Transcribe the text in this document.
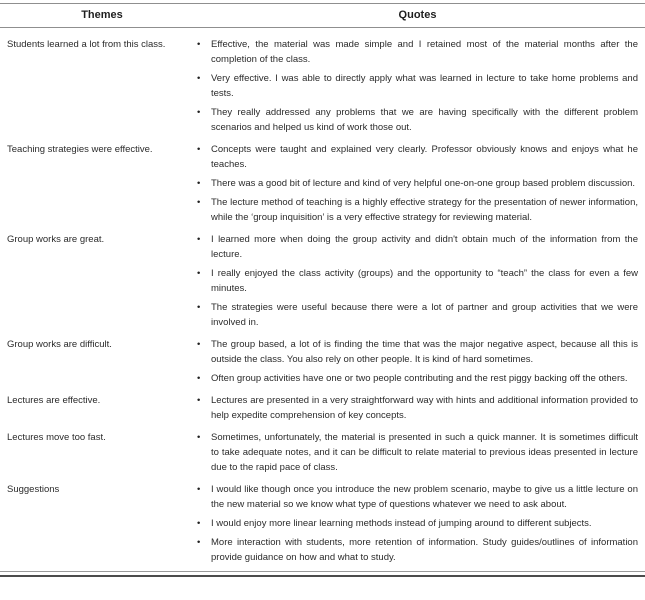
Themes	Quotes
Students learned a lot from this class.	•	Effective, the material was made simple and I retained most of the material months after the completion of the class.

•	Very effective. I was able to directly apply what was learned in lecture to take home problems and tests.

•	They really addressed any problems that we are having specifically with the different problem scenarios and helped us kind of work those out.

Teaching strategies were effective.	•	Concepts were taught and explained very clearly. Professor obviously knows and enjoys what he teaches.

•	There was a good bit of lecture and kind of very helpful one-on-one group based problem discussion.

•	The lecture method of teaching is a highly effective strategy for the presentation of newer information, while the ‘group inquisition’ is a very effective strategy for reviewing material.

Group works are great.	•	I learned more when doing the group activity and didn't obtain much of the information from the lecture.

•	I really enjoyed the class activity (groups) and the opportunity to “teach” the class for even a few minutes.

•	The strategies were useful because there were a lot of partner and group activities that we were involved in.

Group works are difficult.	•	The group based, a lot of is finding the time that was the major negative aspect, because all this is outside the class. You also rely on other people. It is kind of hard sometimes.

•	Often group activities have one or two people contributing and the rest piggy backing off the others.

Lectures are effective.	•	Lectures are presented in a very straightforward way with hints and additional information provided to help expedite comprehension of key concepts.

Lectures move too fast.	•	Sometimes, unfortunately, the material is presented in such a quick manner. It is sometimes difficult to take adequate notes, and it can be difficult to relate material to previous ideas presented in lecture due to the rapid pace of class.

Suggestions	•	I would like though once you introduce the new problem scenario, maybe to give us a little lecture on the new material so we know what type of questions whatever we need to ask about.

•	I would enjoy more linear learning methods instead of jumping around to different subjects.

•	More interaction with students, more retention of information. Study guides/outlines of information provide guidance on how and what to study.
